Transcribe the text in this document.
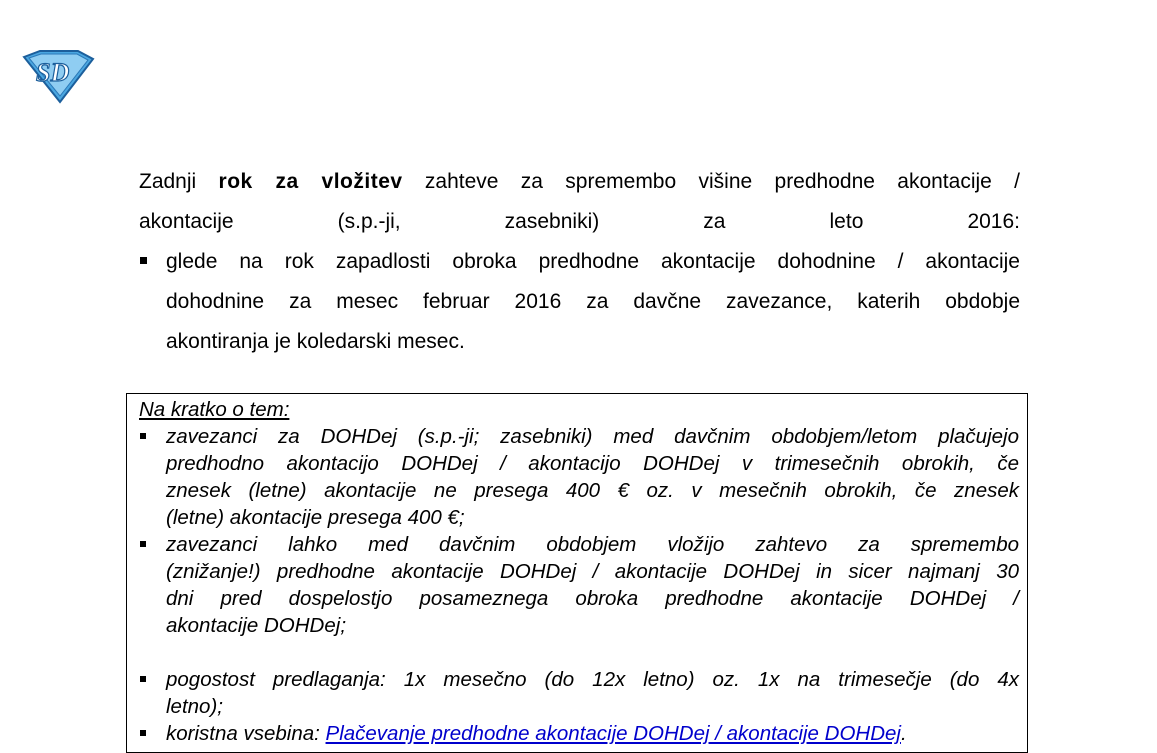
SD
Zadnji rok za vložitev zahteve za spremembo višine predhodne akontacije /
akontacije (s.p.-ji, zasebniki) za leto 2016:
glede na rok zapadlosti obroka predhodne akontacije dohodnine / akontacije
dohodnine za mesec februar 2016 za davčne zavezance, katerih obdobje
akontiranja je koledarski mesec.
Na kratko o tem:
zavezanci za DOHDej (s.p.-ji; zasebniki) med davčnim obdobjem/letom plačujejo
predhodno akontacijo DOHDej / akontacijo DOHDej v trimesečnih obrokih, če
znesek (letne) akontacije ne presega 400 € oz. v mesečnih obrokih, če znesek
(letne) akontacije presega 400 €;
zavezanci lahko med davčnim obdobjem vložijo zahtevo za spremembo
(znižanje!) predhodne akontacije DOHDej / akontacije DOHDej in sicer najmanj 30
dni pred dospelostjo posameznega obroka predhodne akontacije DOHDej /
akontacije DOHDej;
pogostost predlaganja: 1x mesečno (do 12x letno) oz. 1x na trimesečje (do 4x
letno);
koristna vsebina: Plačevanje predhodne akontacije DOHDej / akontacije DOHDej.
